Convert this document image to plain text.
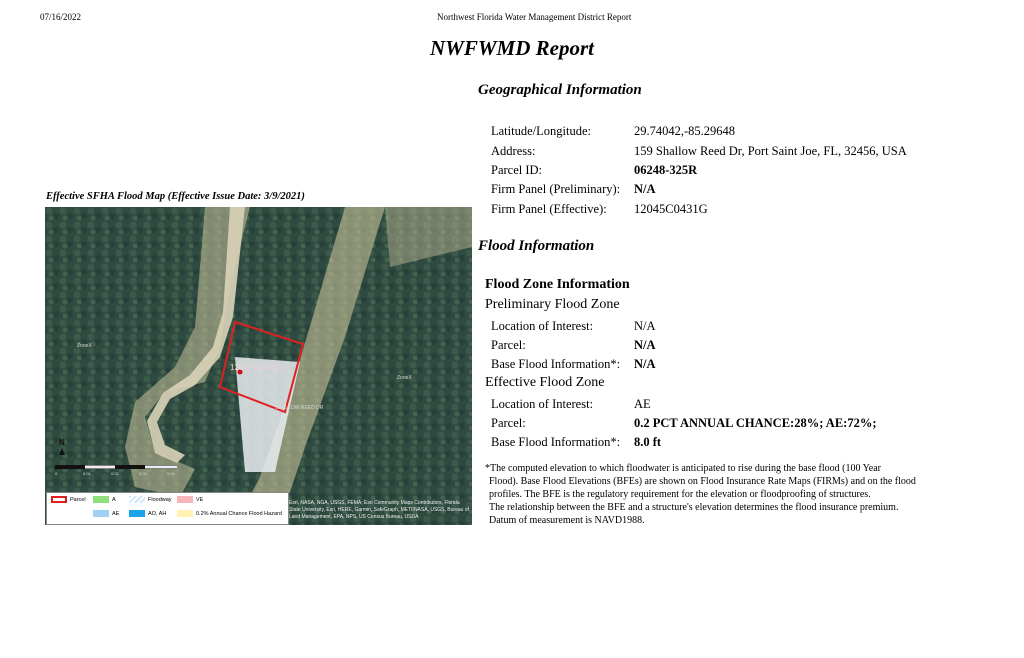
07/16/2022	Northwest Florida Water Management District Report
NWFWMD Report
Geographical Information
Latitude/Longitude:	29.74042,-85.29648
Address:	159 Shallow Reed Dr, Port Saint Joe, FL, 32456, USA
Parcel ID:	06248-325R
Firm Panel (Preliminary): N/A
Firm Panel (Effective): 12045C0431G
Flood Information
Flood Zone Information
Preliminary Flood Zone
Location of Interest:	N/A
Parcel:	N/A
Base Flood Information*: N/A
Effective Flood Zone
Location of Interest:	AE
Parcel:	0.2 PCT ANNUAL CHANCE:28%; AE:72%;
Base Flood Information*: 8.0 ft

*The computed elevation to which floodwater is anticipated to rise during the base flood (100 Year

Flood). Base Flood Elevations (BFEs) are shown on Flood Insurance Rate Maps (FIRMs) and on the flood

profiles. The BFE is the regulatory requirement for the elevation or floodproofing of structures.

The relationship between the BFE and a structure's elevation determines the flood insurance premium.

Datum of measurement is NAVD1988.

Effective SFHA Flood Map (Effective Issue Date: 3/9/2021)
12045C0431G
ZoneX
ZoneX
SHALLOW REED DR
N
0	0.01	0.02	0.03	0.04
Parcel	A
AE
Floodway
AO, AH
VE
0.2% Annual Chance Flood Hazard
Esri, NASA, NGA, USGS, FEMA; Esri Community Maps Contributors, Florida State University, Esri, HERE, Garmin, SafeGraph, METI/NASA, USGS, Bureau of Land Management, EPA, NPS, US Census Bureau, USDA
